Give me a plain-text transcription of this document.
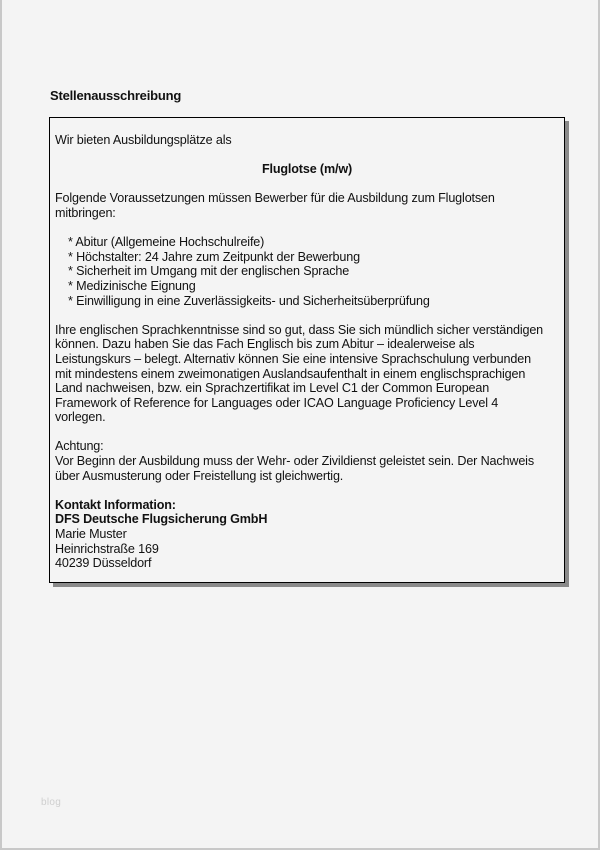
Stellenausschreibung

Wir bieten Ausbildungsplätze als

Fluglotse (m/w)

Folgende Voraussetzungen müssen Bewerber für die Ausbildung zum Fluglotsen

mitbringen:

* Abitur (Allgemeine Hochschulreife)

* Höchstalter: 24 Jahre zum Zeitpunkt der Bewerbung

* Sicherheit im Umgang mit der englischen Sprache

* Medizinische Eignung

* Einwilligung in eine Zuverlässigkeits- und Sicherheitsüberprüfung

Ihre englischen Sprachkenntnisse sind so gut, dass Sie sich mündlich sicher verständigen

können. Dazu haben Sie das Fach Englisch bis zum Abitur – idealerweise als

Leistungskurs – belegt. Alternativ können Sie eine intensive Sprachschulung verbunden

mit mindestens einem zweimonatigen Auslandsaufenthalt in einem englischsprachigen

Land nachweisen, bzw. ein Sprachzertifikat im Level C1 der Common European

Framework of Reference for Languages oder ICAO Language Proficiency Level 4

vorlegen.

Achtung:

Vor Beginn der Ausbildung muss der Wehr- oder Zivildienst geleistet sein. Der Nachweis

über Ausmusterung oder Freistellung ist gleichwertig.

Kontakt Information:

DFS Deutsche Flugsicherung GmbH

Marie Muster

Heinrichstraße 169

40239 Düsseldorf

blog
